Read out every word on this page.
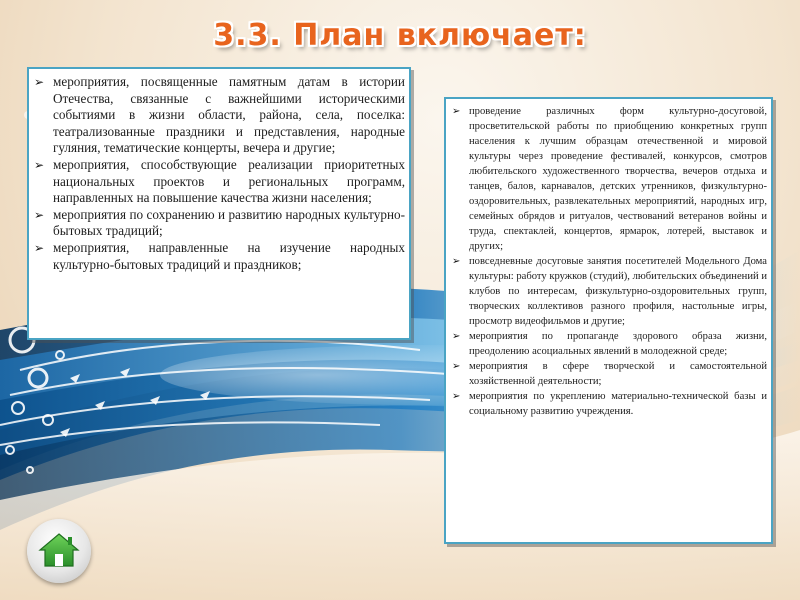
3.3. План включает:
➢ мероприятия, посвященные памятным датам в истории Отечества, связанные с важнейшими историческими событиями в жизни области, района, села, поселка: театрализованные праздники и представления, народные гуляния, тематические концерты, вечера и другие;
➢ мероприятия, способствующие реализации приоритетных национальных проектов и региональных программ, направленных на повышение качества жизни населения;
➢ мероприятия по сохранению и развитию народных культурно-бытовых традиций;
➢ мероприятия, направленные на изучение народных культурно-бытовых традиций и праздников;
➢ проведение различных форм культурно-досуговой, просветительской работы по приобщению конкретных групп населения к лучшим образцам отечественной и мировой культуры через проведение фестивалей, конкурсов, смотров любительского художественного творчества, вечеров отдыха и танцев, балов, карнавалов, детских утренников, физкультурно-оздоровительных, развлекательных мероприятий, народных игр, семейных обрядов и ритуалов, чествований ветеранов войны и труда, спектаклей, концертов, ярмарок, лотерей, выставок и других;
➢ повседневные досуговые занятия посетителей Модельного Дома культуры: работу кружков (студий), любительских объединений и клубов по интересам, физкультурно-оздоровительных групп, творческих коллективов разного профиля, настольные игры, просмотр видеофильмов и другие;
➢ мероприятия по пропаганде здорового образа жизни, преодолению асоциальных явлений в молодежной среде;
➢ мероприятия в сфере творческой и самостоятельной хозяйственной деятельности;
➢ мероприятия по укреплению материально-технической базы и социальному развитию учреждения.
